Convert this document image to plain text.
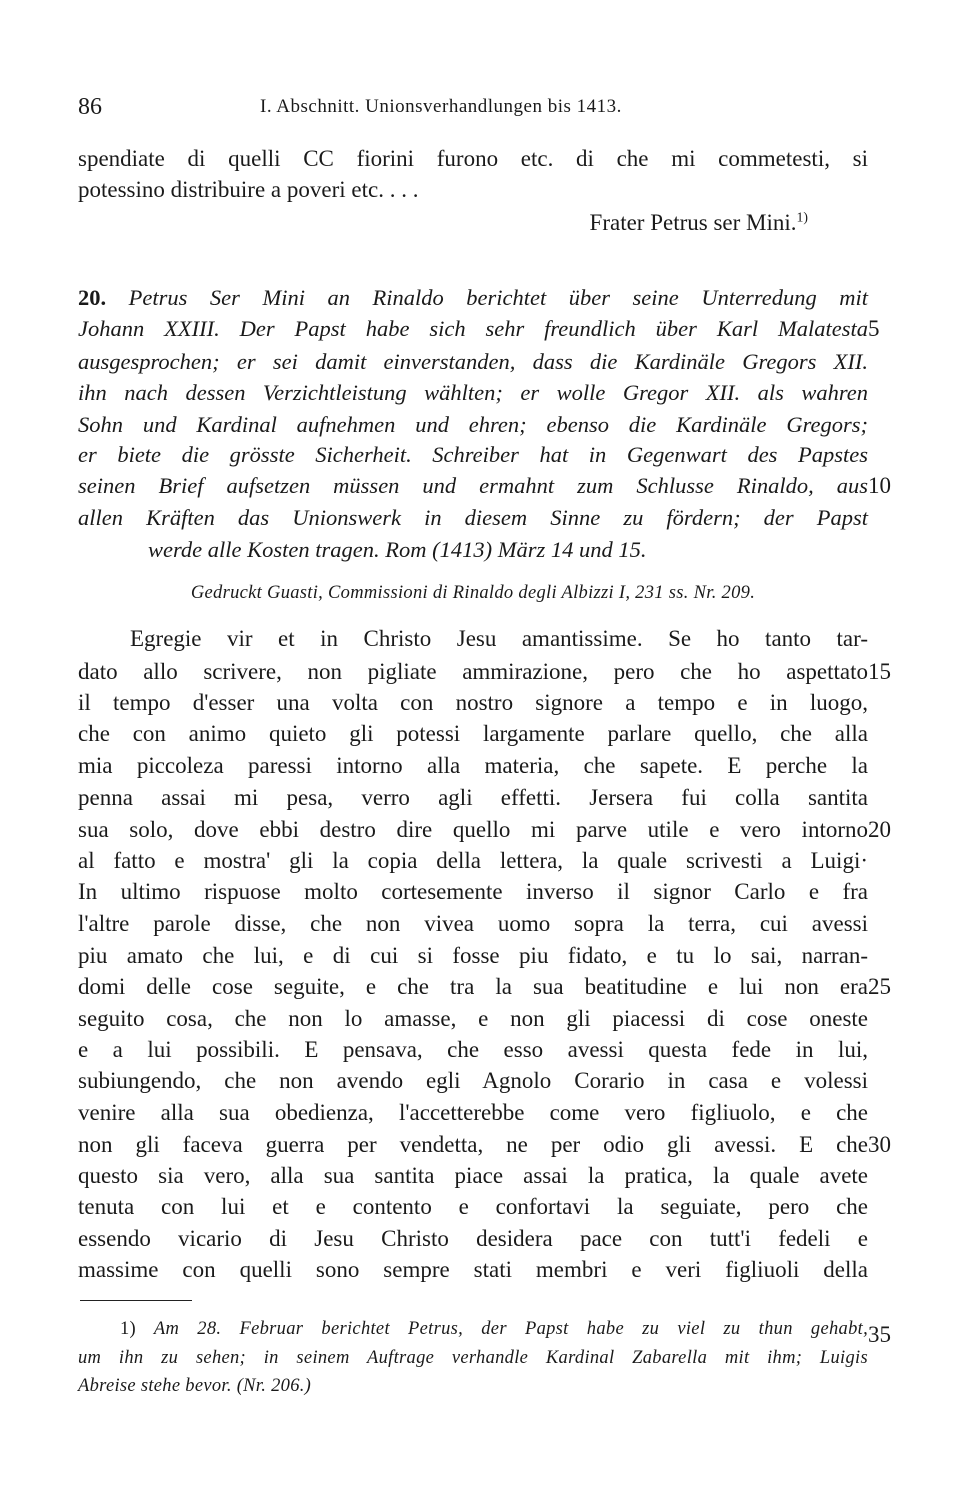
86	I. Abschnitt. Unionsverhandlungen bis 1413.
spendiate di quelli CC fiorini furono etc. di che mi commetesti, si
potessino distribuire a poveri etc. . . .
Frater Petrus ser Mini.$^{1)}$
20. Petrus Ser Mini an Rinaldo berichtet über seine Unterredung mit
Johann XXIII. Der Papst habe sich sehr freundlich über Karl Malatesta
ausgesprochen; er sei damit einverstanden, dass die Kardinäle Gregors XII.
ihn nach dessen Verzichtleistung wählten; er wolle Gregor XII. als wahren
Sohn und Kardinal aufnehmen und ehren; ebenso die Kardinäle Gregors;
er biete die grösste Sicherheit. Schreiber hat in Gegenwart des Papstes
seinen Brief aufsetzen müssen und ermahnt zum Schlusse Rinaldo, aus
allen Kräften das Unionswerk in diesem Sinne zu fördern; der Papst
werde alle Kosten tragen. Rom (1413) März 14 und 15.
Gedruckt Guasti, Commissioni di Rinaldo degli Albizzi I, 231 ss. Nr. 209.
Egregie vir et in Christo Jesu amantissime. Se ho tanto tar-
dato allo scrivere, non pigliate ammirazione, pero che ho aspettato
il tempo d'esser una volta con nostro signore a tempo e in luogo,
che con animo quieto gli potessi largamente parlare quello, che alla
mia piccoleza paressi intorno alla materia, che sapete. E perche la
penna assai mi pesa, verro agli effetti. Jersera fui colla santita
sua solo, dove ebbi destro dire quello mi parve utile e vero intorno
al fatto e mostra' gli la copia della lettera, la quale scrivesti a Luigi·
In ultimo rispuose molto cortesemente inverso il signor Carlo e fra
l'altre parole disse, che non vivea uomo sopra la terra, cui avessi
piu amato che lui, e di cui si fosse piu fidato, e tu lo sai, narran-
domi delle cose seguite, e che tra la sua beatitudine e lui non era
seguito cosa, che non lo amasse, e non gli piacessi di cose oneste
e a lui possibili. E pensava, che esso avessi questa fede in lui,
subiungendo, che non avendo egli Agnolo Corario in casa e volessi
venire alla sua obedienza, l'accetterebbe come vero figliuolo, e che
non gli faceva guerra per vendetta, ne per odio gli avessi. E che
questo sia vero, alla sua santita piace assai la pratica, la quale avete
tenuta con lui et e contento e confortavi la seguiate, pero che
essendo vicario di Jesu Christo desidera pace con tutt'i fedeli e
massime con quelli sono sempre stati membri e veri figliuoli della
5
10
15
20
25
30
35
1) Am 28. Februar berichtet Petrus, der Papst habe zu viel zu thun gehabt,
um ihn zu sehen; in seinem Auftrage verhandle Kardinal Zabarella mit ihm; Luigis
Abreise stehe bevor. (Nr. 206.)
